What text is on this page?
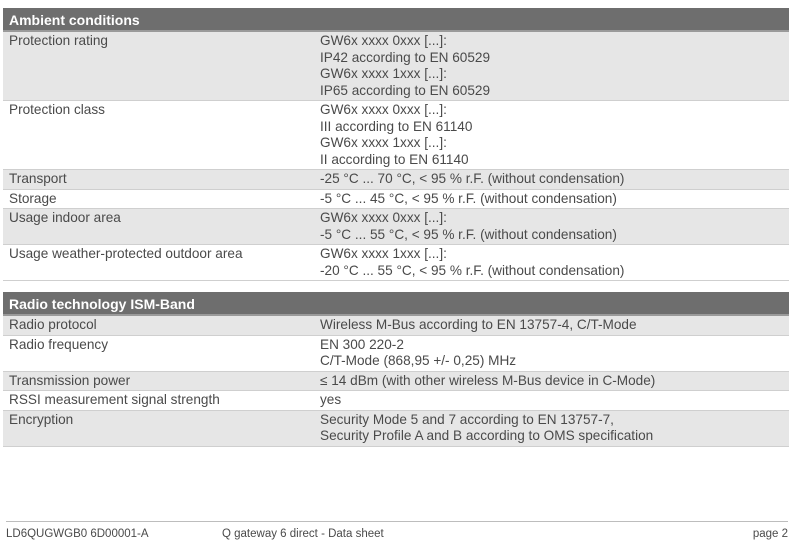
Ambient conditions
Protection rating	GW6x xxxx 0xxx [...]:
IP42 according to EN 60529
GW6x xxxx 1xxx [...]:
IP65 according to EN 60529
Protection class	GW6x xxxx 0xxx [...]:
III according to EN 61140
GW6x xxxx 1xxx [...]:
II according to EN 61140
Transport	-25 °C ... 70 °C, < 95 % r.F. (without condensation)
Storage	-5 °C ... 45 °C, < 95 % r.F. (without condensation)
Usage indoor area	GW6x xxxx 0xxx [...]:
-5 °C ... 55 °C, < 95 % r.F. (without condensation)
Usage weather-protected outdoor area	GW6x xxxx 1xxx [...]:
-20 °C ... 55 °C, < 95 % r.F. (without condensation)
Radio technology ISM-Band
Radio protocol	Wireless M-Bus according to EN 13757-4, C/T-Mode
Radio frequency	EN 300 220-2
C/T-Mode (868,95 +/- 0,25) MHz
Transmission power	≤ 14 dBm (with other wireless M-Bus device in C-Mode)
RSSI measurement signal strength	yes
Encryption	Security Mode 5 and 7 according to EN 13757-7,
Security Profile A and B according to OMS specification
LD6QUGWGB0 6D00001-A	Q gateway 6 direct - Data sheet	page 2
